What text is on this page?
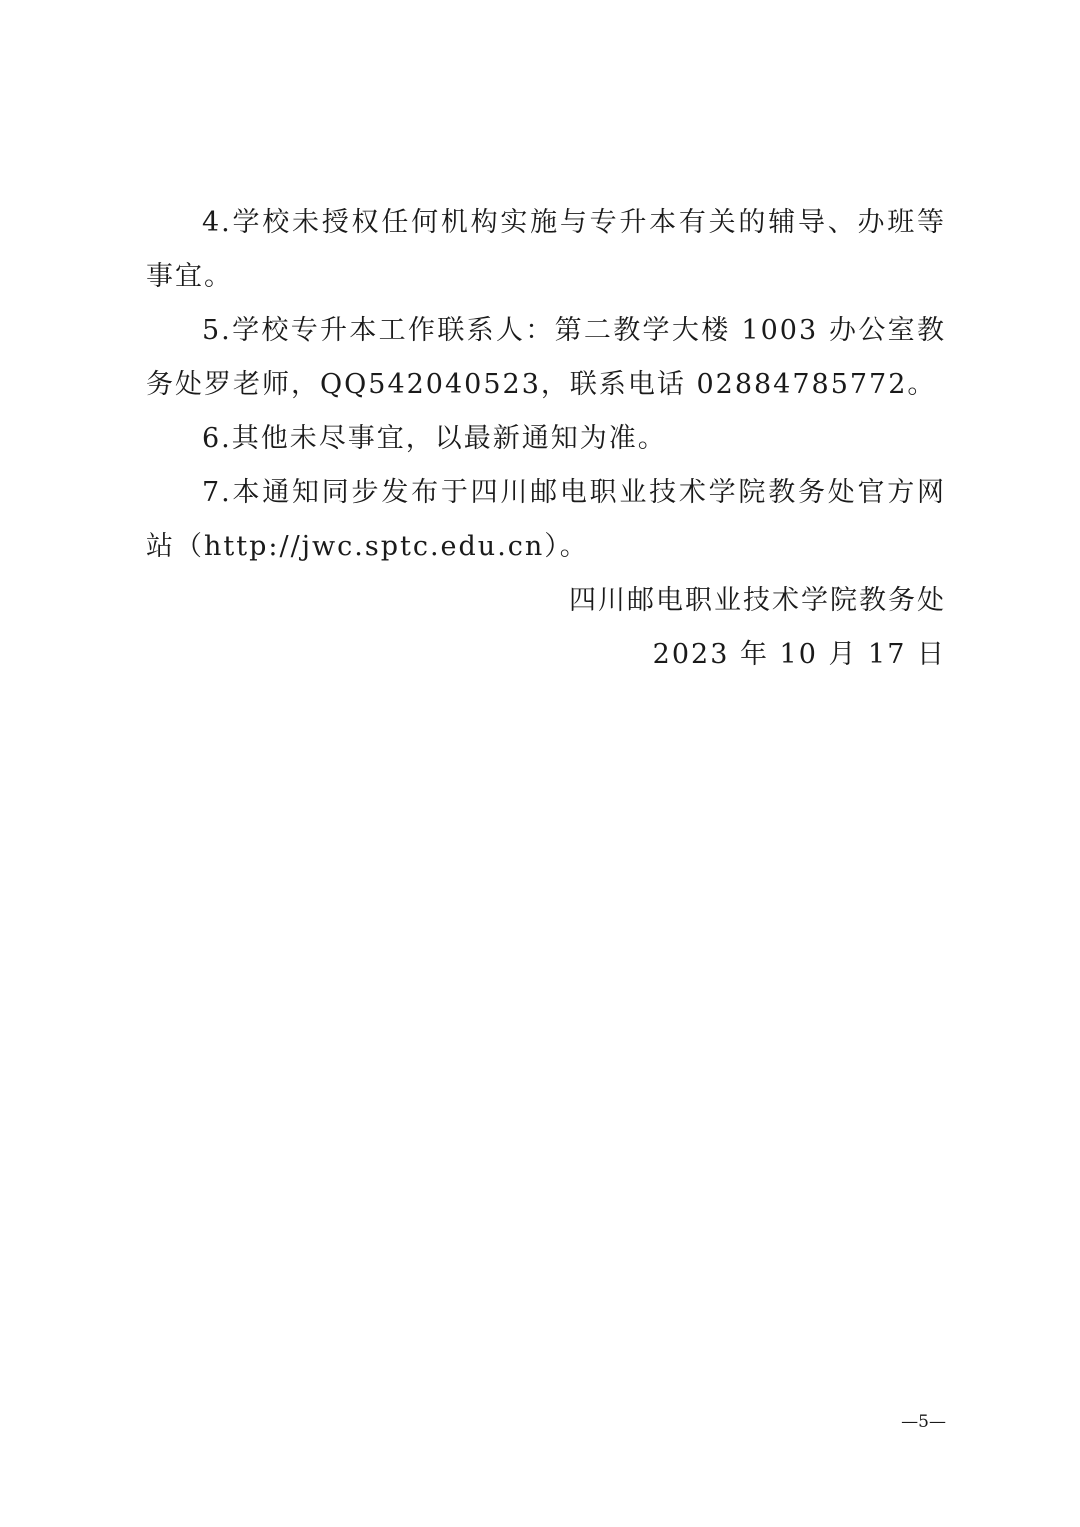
4.学校未授权任何机构实施与专升本有关的辅导、办班等事宜。

5.学校专升本工作联系人：第二教学大楼 1003 办公室教务处罗老师，QQ542040523，联系电话 02884785772。

6.其他未尽事宜，以最新通知为准。

7.本通知同步发布于四川邮电职业技术学院教务处官方网站（http://jwc.sptc.edu.cn）。

四川邮电职业技术学院教务处
2023 年 10 月 17 日
—5—
